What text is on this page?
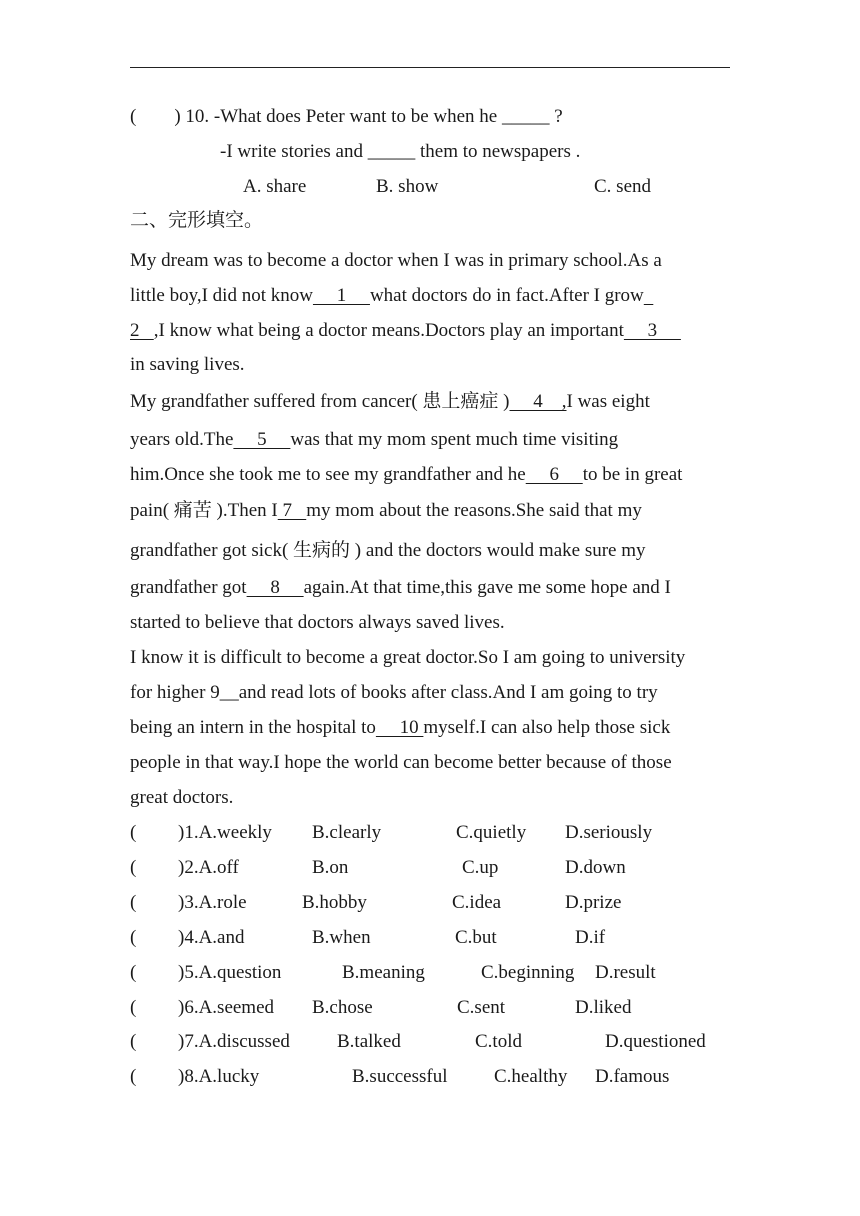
( ) 10. -What does Peter want to be when he _____ ?
-I write stories and _____ them to newspapers .
A. share	B. show	C. send
二、完形填空。
My dream was to become a doctor when I was in primary school.As a
little boy,I did not know     1     what doctors do in fact.After I grow
2   ,I know what being a doctor means.Doctors play an important     3
in saving lives.
My grandfather suffered from cancer( 患上癌症 )     4    ,I was eight
years old.The     5     was that my mom spent much time visiting
him.Once she took me to see my grandfather and he     6     to be in great
pain( 痛苦 ).Then I 7   my mom about the reasons.She said that my
grandfather got sick( 生病的 ) and the doctors would make sure my
grandfather got     8     again.At that time,this gave me some hope and I
started to believe that doctors always saved lives.
I know it is difficult to become a great doctor.So I am going to university
for higher 9__and read lots of books after class.And I am going to try
being an intern in the hospital to     10 myself.I can also help those sick
people in that way.I hope the world can become better because of those
great doctors.
( )1.A.weekly B.clearly	C.quietly D.seriously
( )2.A.off	B.on	C.up	D.down
( )3.A.role	B.hobby	C.idea	D.prize
( )4.A.and	B.when	C.but	D.if
( )5.A.question	B.meaning	C.beginning D.result
( )6.A.seemed B.chose	C.sent	D.liked
( )7.A.discussed B.talked	C.told	D.questioned
( )8.A.lucky	B.successful C.healthy D.famous
